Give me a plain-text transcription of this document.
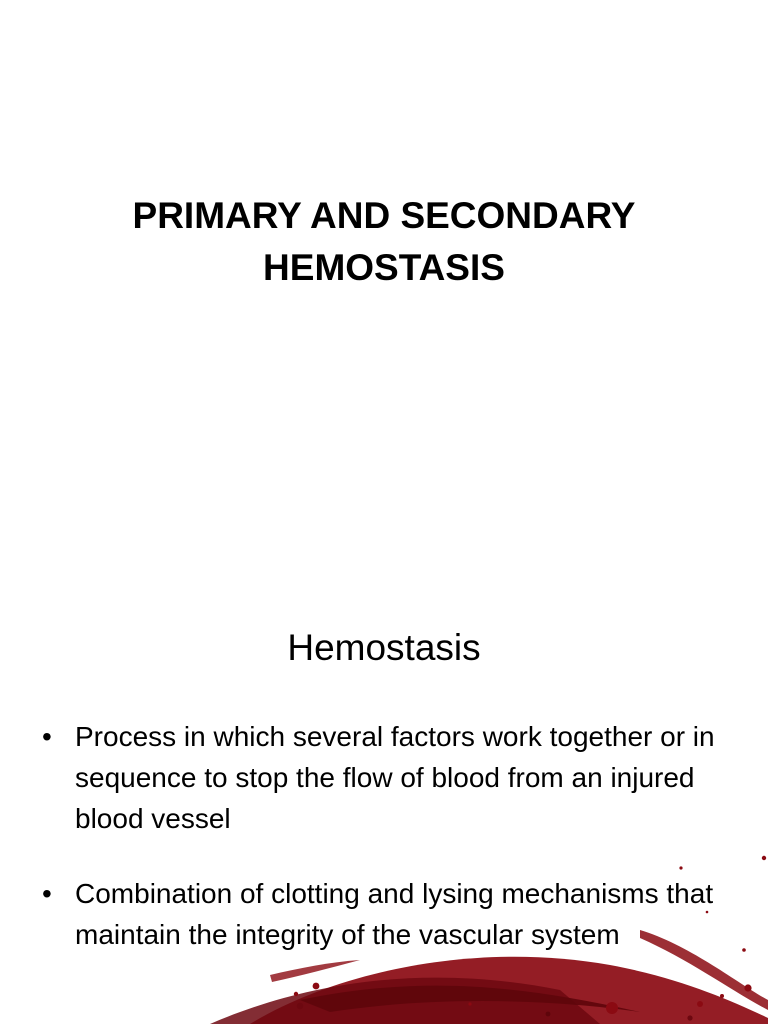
PRIMARY AND SECONDARY
HEMOSTASIS
Hemostasis
• Process in which several factors work together or in sequence to stop the flow of blood from an injured blood vessel
• Combination of clotting and lysing mechanisms that maintain the integrity of the vascular system
